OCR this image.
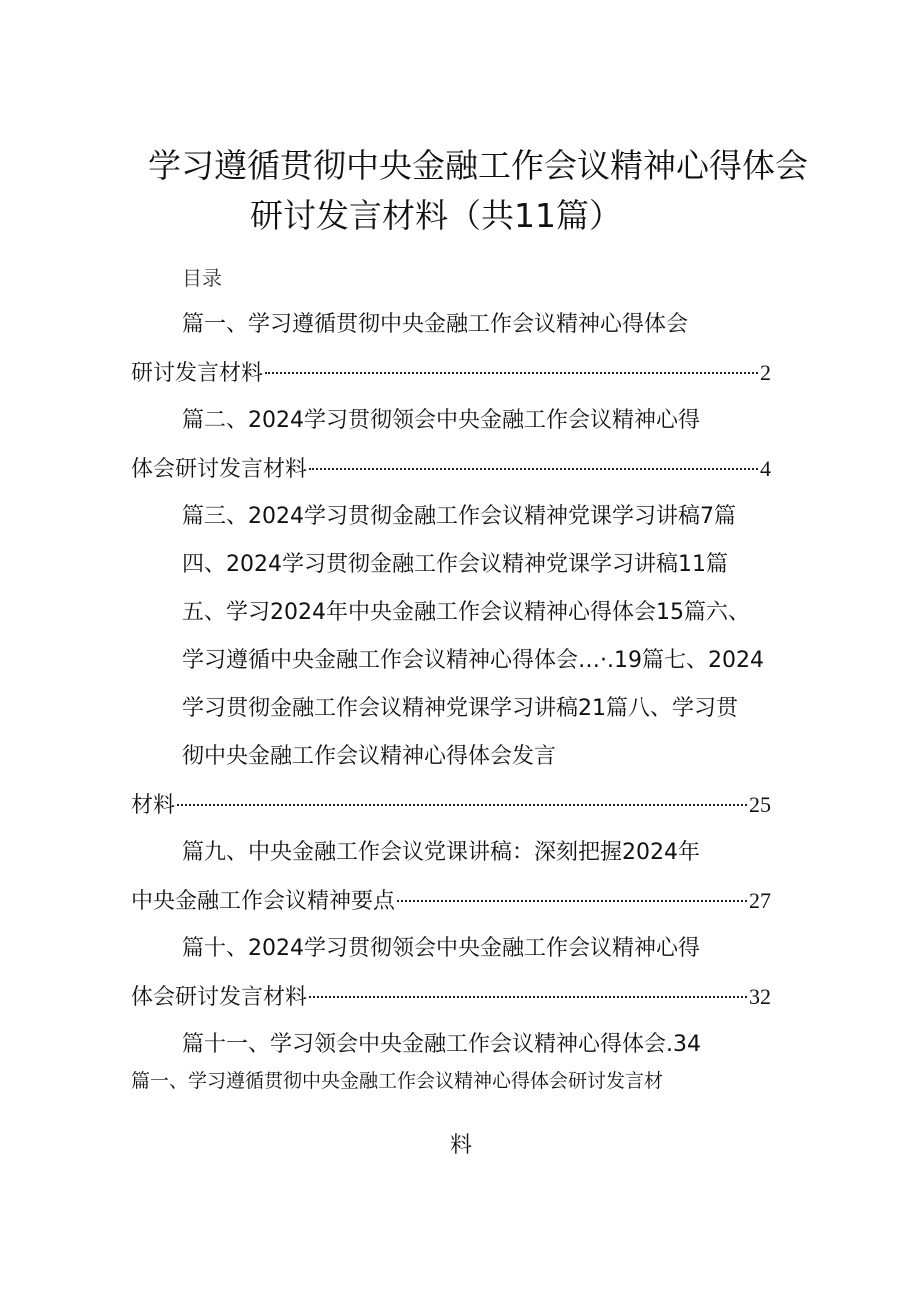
学习遵循贯彻中央金融工作会议精神心得体会
研讨发言材料（共11篇）
目录
篇一、学习遵循贯彻中央金融工作会议精神心得体会
研讨发言材料	2
篇二、2024学习贯彻领会中央金融工作会议精神心得
体会研讨发言材料	4
篇三、2024学习贯彻金融工作会议精神党课学习讲稿7篇
四、2024学习贯彻金融工作会议精神党课学习讲稿11篇
五、学习2024年中央金融工作会议精神心得体会15篇六、
学习遵循中央金融工作会议精神心得体会…·.19篇七、2024
学习贯彻金融工作会议精神党课学习讲稿21篇八、学习贯
彻中央金融工作会议精神心得体会发言
材料	25
篇九、中央金融工作会议党课讲稿：深刻把握2024年
中央金融工作会议精神要点	27
篇十、2024学习贯彻领会中央金融工作会议精神心得
体会研讨发言材料	32
篇十一、学习领会中央金融工作会议精神心得体会.34
篇一、学习遵循贯彻中央金融工作会议精神心得体会研讨发言材
料
